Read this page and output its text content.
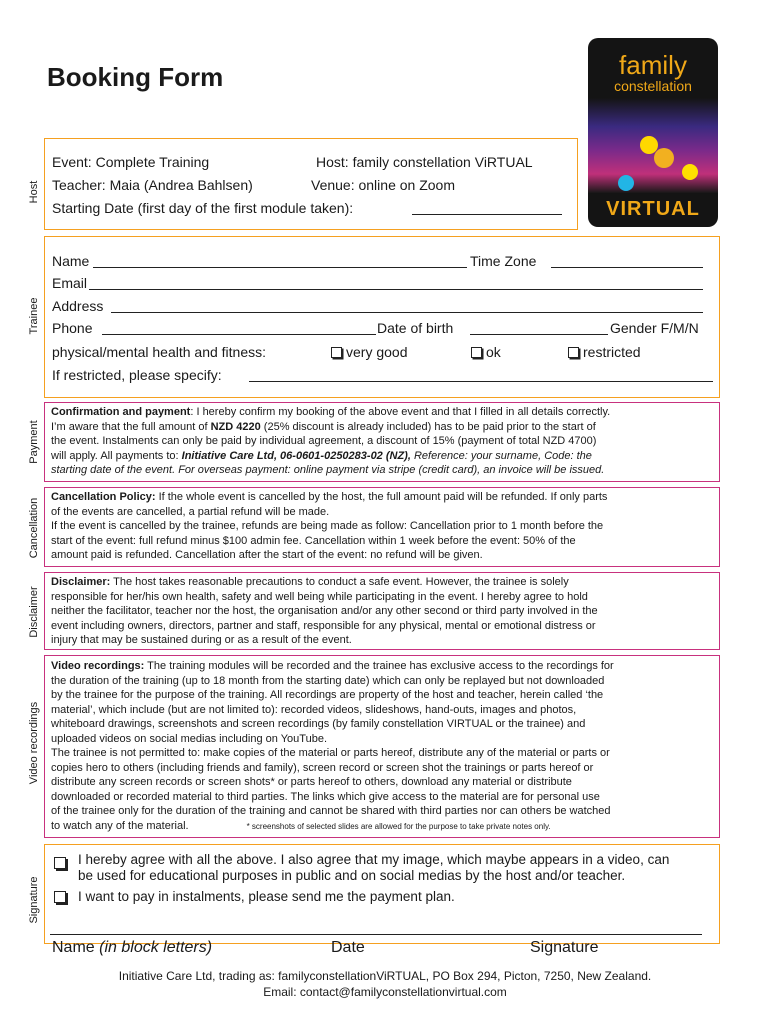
Booking Form	family
constellation
VIRTUAL
Host
Event: Complete Training	Host: family constellation ViRTUAL
Teacher: Maia (Andrea Bahlsen)	Venue: online on Zoom
Starting Date (first day of the first module taken):
Trainee
Name	Time Zone
Email
Address
Phone	Date of birth	Gender F/M/N
physical/mental health and fitness:	very good	ok	restricted
If restricted, please specify:
Payment
Confirmation and payment: I hereby confirm my booking of the above event and that I filled in all details correctly.
I’m aware that the full amount of NZD 4220 (25% discount is already included) has to be paid prior to the start of
the event. Instalments can only be paid by individual agreement, a discount of 15% (payment of total NZD 4700)
will apply. All payments to: Initiative Care Ltd, 06-0601-0250283-02 (NZ), Reference: your surname, Code: the
starting date of the event. For overseas payment: online payment via stripe (credit card), an invoice will be issued.
Cancellation
Cancellation Policy: If the whole event is cancelled by the host, the full amount paid will be refunded. If only parts
of the events are cancelled, a partial refund will be made.
If the event is cancelled by the trainee, refunds are being made as follow: Cancellation prior to 1 month before the
start of the event: full refund minus $100 admin fee. Cancellation within 1 week before the event: 50% of the
amount paid is refunded. Cancellation after the start of the event: no refund will be given.
Disclaimer
Disclaimer: The host takes reasonable precautions to conduct a safe event. However, the trainee is solely
responsible for her/his own health, safety and well being while participating in the event. I hereby agree to hold
neither the facilitator, teacher nor the host, the organisation and/or any other second or third party involved in the
event including owners, directors, partner and staff, responsible for any physical, mental or emotional distress or
injury that may be sustained during or as a result of the event.
Video recordings
Video recordings: The training modules will be recorded and the trainee has exclusive access to the recordings for
the duration of the training (up to 18 month from the starting date) which can only be replayed but not downloaded
by the trainee for the purpose of the training. All recordings are property of the host and teacher, herein called ‘the
material’, which include (but are not limited to): recorded videos, slideshows, hand-outs, images and photos,
whiteboard drawings, screenshots and screen recordings (by family constellation VIRTUAL or the trainee) and
uploaded videos on social medias including on YouTube.
The trainee is not permitted to: make copies of the material or parts hereof, distribute any of the material or parts or
copies hero to others (including friends and family), screen record or screen shot the trainings or parts hereof or
distribute any screen records or screen shots* or parts hereof to others, download any material or distribute
downloaded or recorded material to third parties. The links which give access to the material are for personal use
of the trainee only for the duration of the training and cannot be shared with third parties nor can others be watched
to watch any of the material.	* screenshots of selected slides are allowed for the purpose to take private notes only.
Signature
I hereby agree with all the above. I also agree that my image, which maybe appears in a video, can
be used for educational purposes in public and on social medias by the host and/or teacher.
I want to pay in instalments, please send me the payment plan.
Name (in block letters)	Date	Signature
Initiative Care Ltd, trading as: familyconstellationViRTUAL, PO Box 294, Picton, 7250, New Zealand.
Email: contact@familyconstellationvirtual.com
